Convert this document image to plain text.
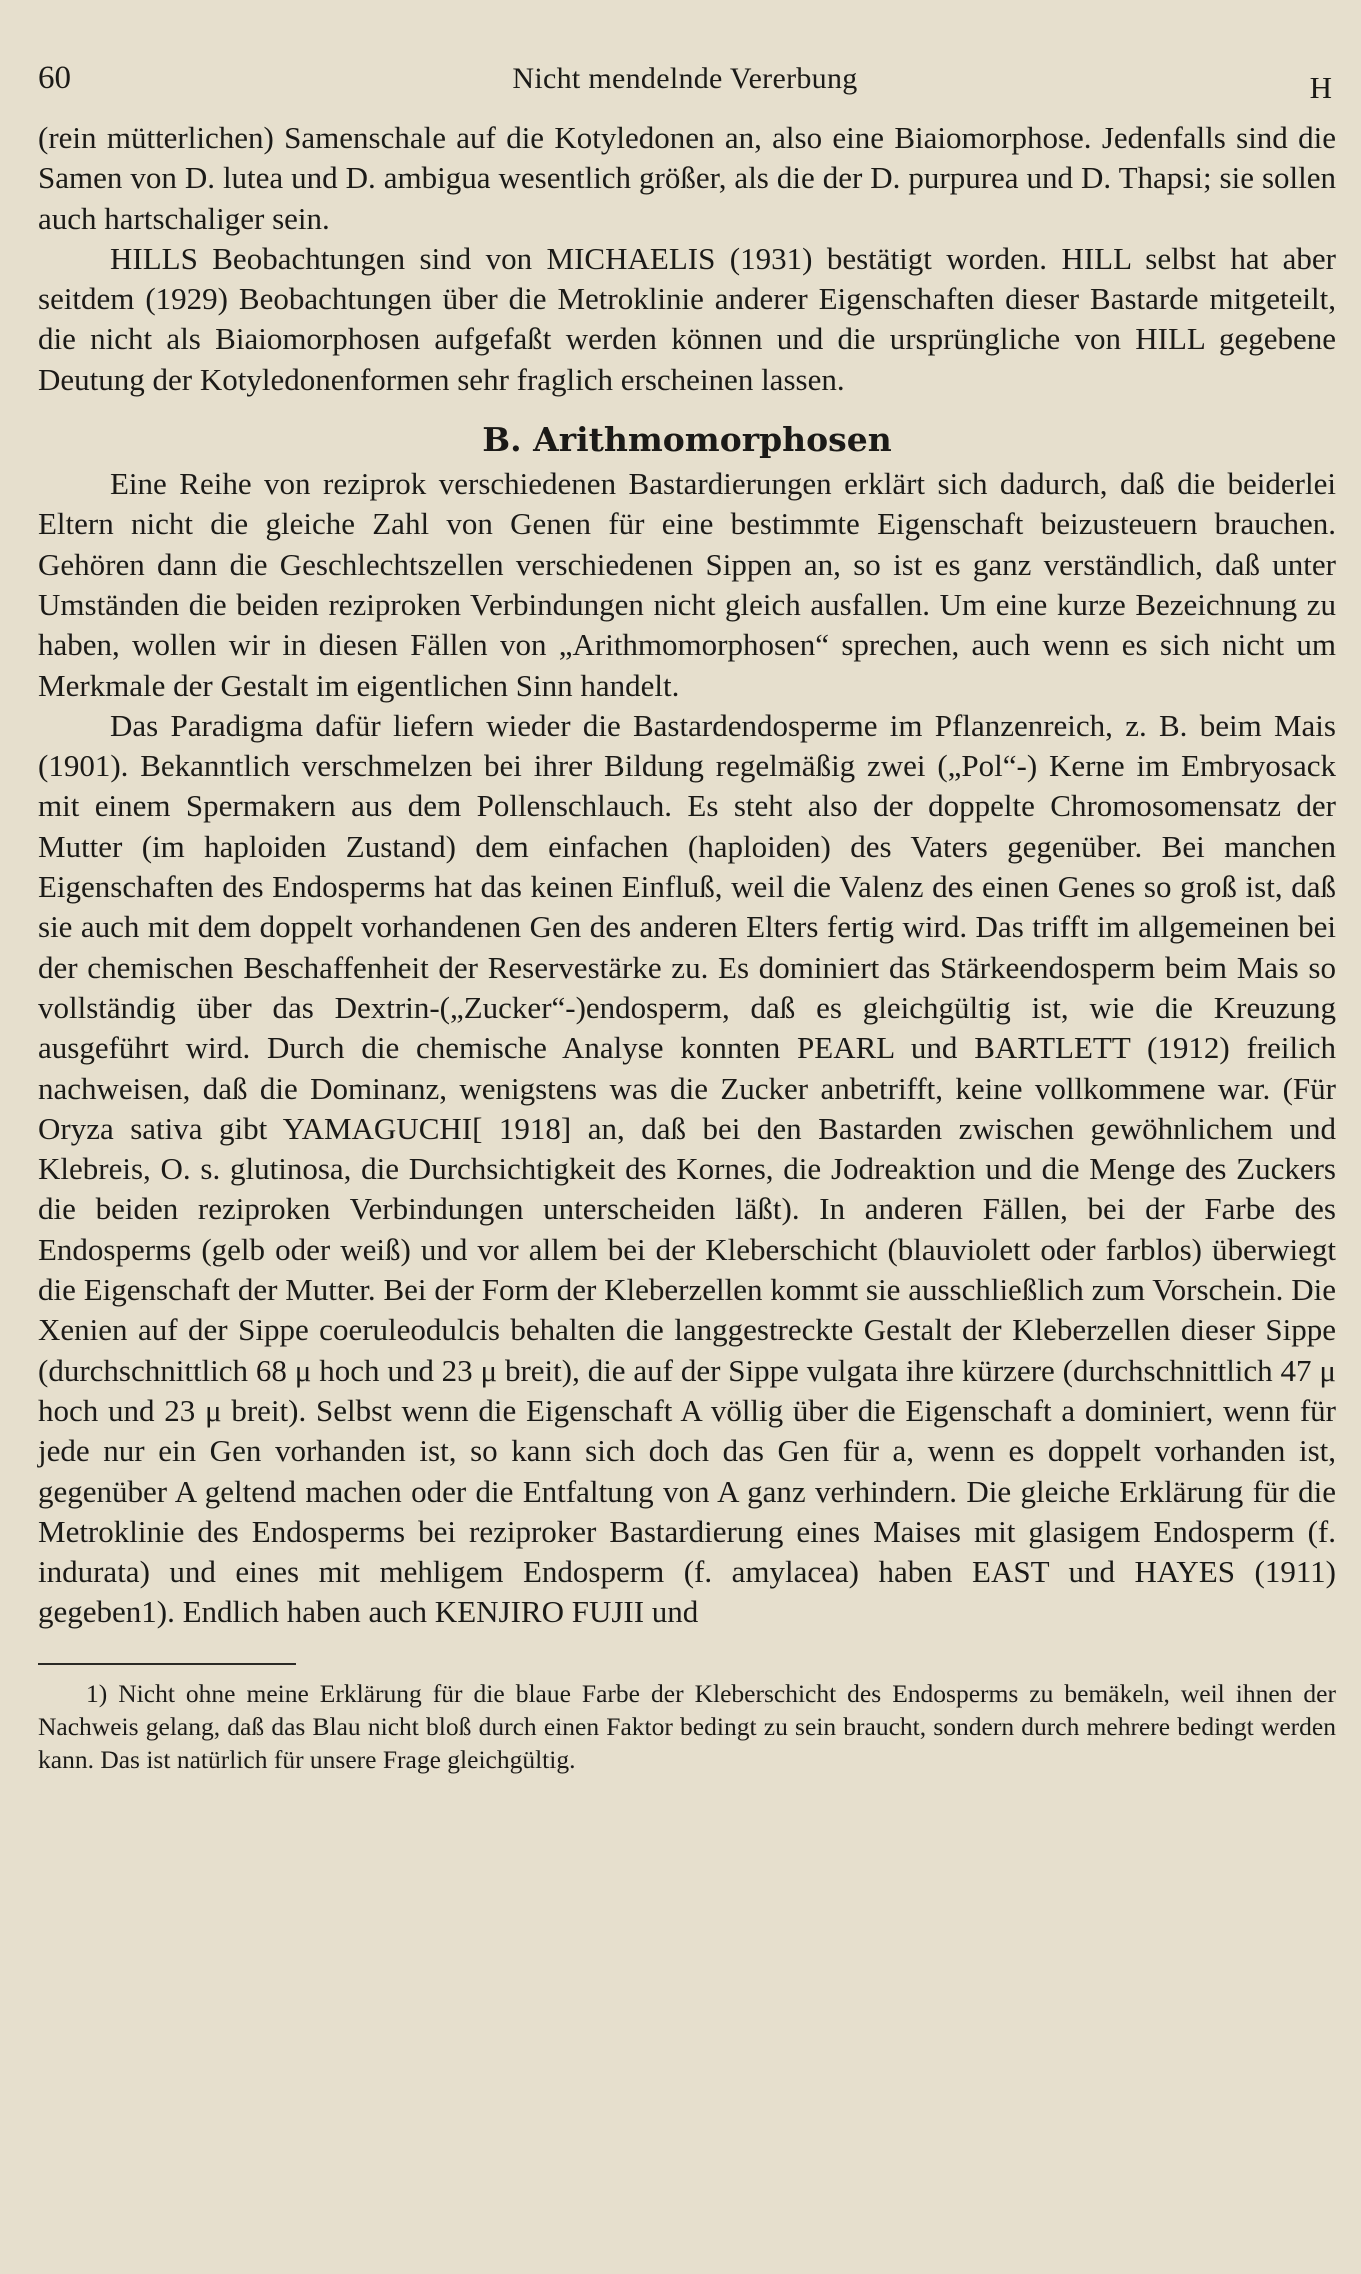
60	Nicht mendelnde Vererbung	H

(rein mütterlichen) Samenschale auf die Kotyledonen an, also eine Biaiomorphose. Jedenfalls sind die Samen von D. lutea und D. ambigua wesentlich größer, als die der D. purpurea und D. Thapsi; sie sollen auch hartschaliger sein.

HILLS Beobachtungen sind von MICHAELIS (1931) bestätigt worden. HILL selbst hat aber seitdem (1929) Beobachtungen über die Metroklinie anderer Eigenschaften dieser Bastarde mitgeteilt, die nicht als Biaiomorphosen aufgefaßt werden können und die ursprüngliche von HILL gegebene Deutung der Kotyledonenformen sehr fraglich erscheinen lassen.

B. Arithmomorphosen

Eine Reihe von reziprok verschiedenen Bastardierungen erklärt sich dadurch, daß die beiderlei Eltern nicht die gleiche Zahl von Genen für eine bestimmte Eigenschaft beizusteuern brauchen. Gehören dann die Geschlechtszellen verschiedenen Sippen an, so ist es ganz verständlich, daß unter Umständen die beiden reziproken Verbindungen nicht gleich ausfallen. Um eine kurze Bezeichnung zu haben, wollen wir in diesen Fällen von „Arithmomorphosen“ sprechen, auch wenn es sich nicht um Merkmale der Gestalt im eigentlichen Sinn handelt.

Das Paradigma dafür liefern wieder die Bastardendosperme im Pflanzenreich, z. B. beim Mais (1901). Bekanntlich verschmelzen bei ihrer Bildung regelmäßig zwei („Pol“-) Kerne im Embryosack mit einem Spermakern aus dem Pollenschlauch. Es steht also der doppelte Chromosomensatz der Mutter (im haploiden Zustand) dem einfachen (haploiden) des Vaters gegenüber. Bei manchen Eigenschaften des Endosperms hat das keinen Einfluß, weil die Valenz des einen Genes so groß ist, daß sie auch mit dem doppelt vorhandenen Gen des anderen Elters fertig wird. Das trifft im allgemeinen bei der chemischen Beschaffenheit der Reservestärke zu. Es dominiert das Stärkeendosperm beim Mais so vollständig über das Dextrin-(„Zucker“-)endosperm, daß es gleichgültig ist, wie die Kreuzung ausgeführt wird. Durch die chemische Analyse konnten PEARL und BARTLETT (1912) freilich nachweisen, daß die Dominanz, wenigstens was die Zucker anbetrifft, keine vollkommene war. (Für Oryza sativa gibt YAMAGUCHI[ 1918] an, daß bei den Bastarden zwischen gewöhnlichem und Klebreis, O. s. glutinosa, die Durchsichtigkeit des Kornes, die Jodreaktion und die Menge des Zuckers die beiden reziproken Verbindungen unterscheiden läßt). In anderen Fällen, bei der Farbe des Endosperms (gelb oder weiß) und vor allem bei der Kleberschicht (blauviolett oder farblos) überwiegt die Eigenschaft der Mutter. Bei der Form der Kleberzellen kommt sie ausschließlich zum Vorschein. Die Xenien auf der Sippe coeruleodulcis behalten die langgestreckte Gestalt der Kleberzellen dieser Sippe (durchschnittlich 68 μ hoch und 23 μ breit), die auf der Sippe vulgata ihre kürzere (durchschnittlich 47 μ hoch und 23 μ breit). Selbst wenn die Eigenschaft A völlig über die Eigenschaft a dominiert, wenn für jede nur ein Gen vorhanden ist, so kann sich doch das Gen für a, wenn es doppelt vorhanden ist, gegenüber A geltend machen oder die Entfaltung von A ganz verhindern. Die gleiche Erklärung für die Metroklinie des Endosperms bei reziproker Bastardierung eines Maises mit glasigem Endosperm (f. indurata) und eines mit mehligem Endosperm (f. amylacea) haben EAST und HAYES (1911) gegeben1). Endlich haben auch KENJIRO FUJII und

1) Nicht ohne meine Erklärung für die blaue Farbe der Kleberschicht des Endosperms zu bemäkeln, weil ihnen der Nachweis gelang, daß das Blau nicht bloß durch einen Faktor bedingt zu sein braucht, sondern durch mehrere bedingt werden kann. Das ist natürlich für unsere Frage gleichgültig.
